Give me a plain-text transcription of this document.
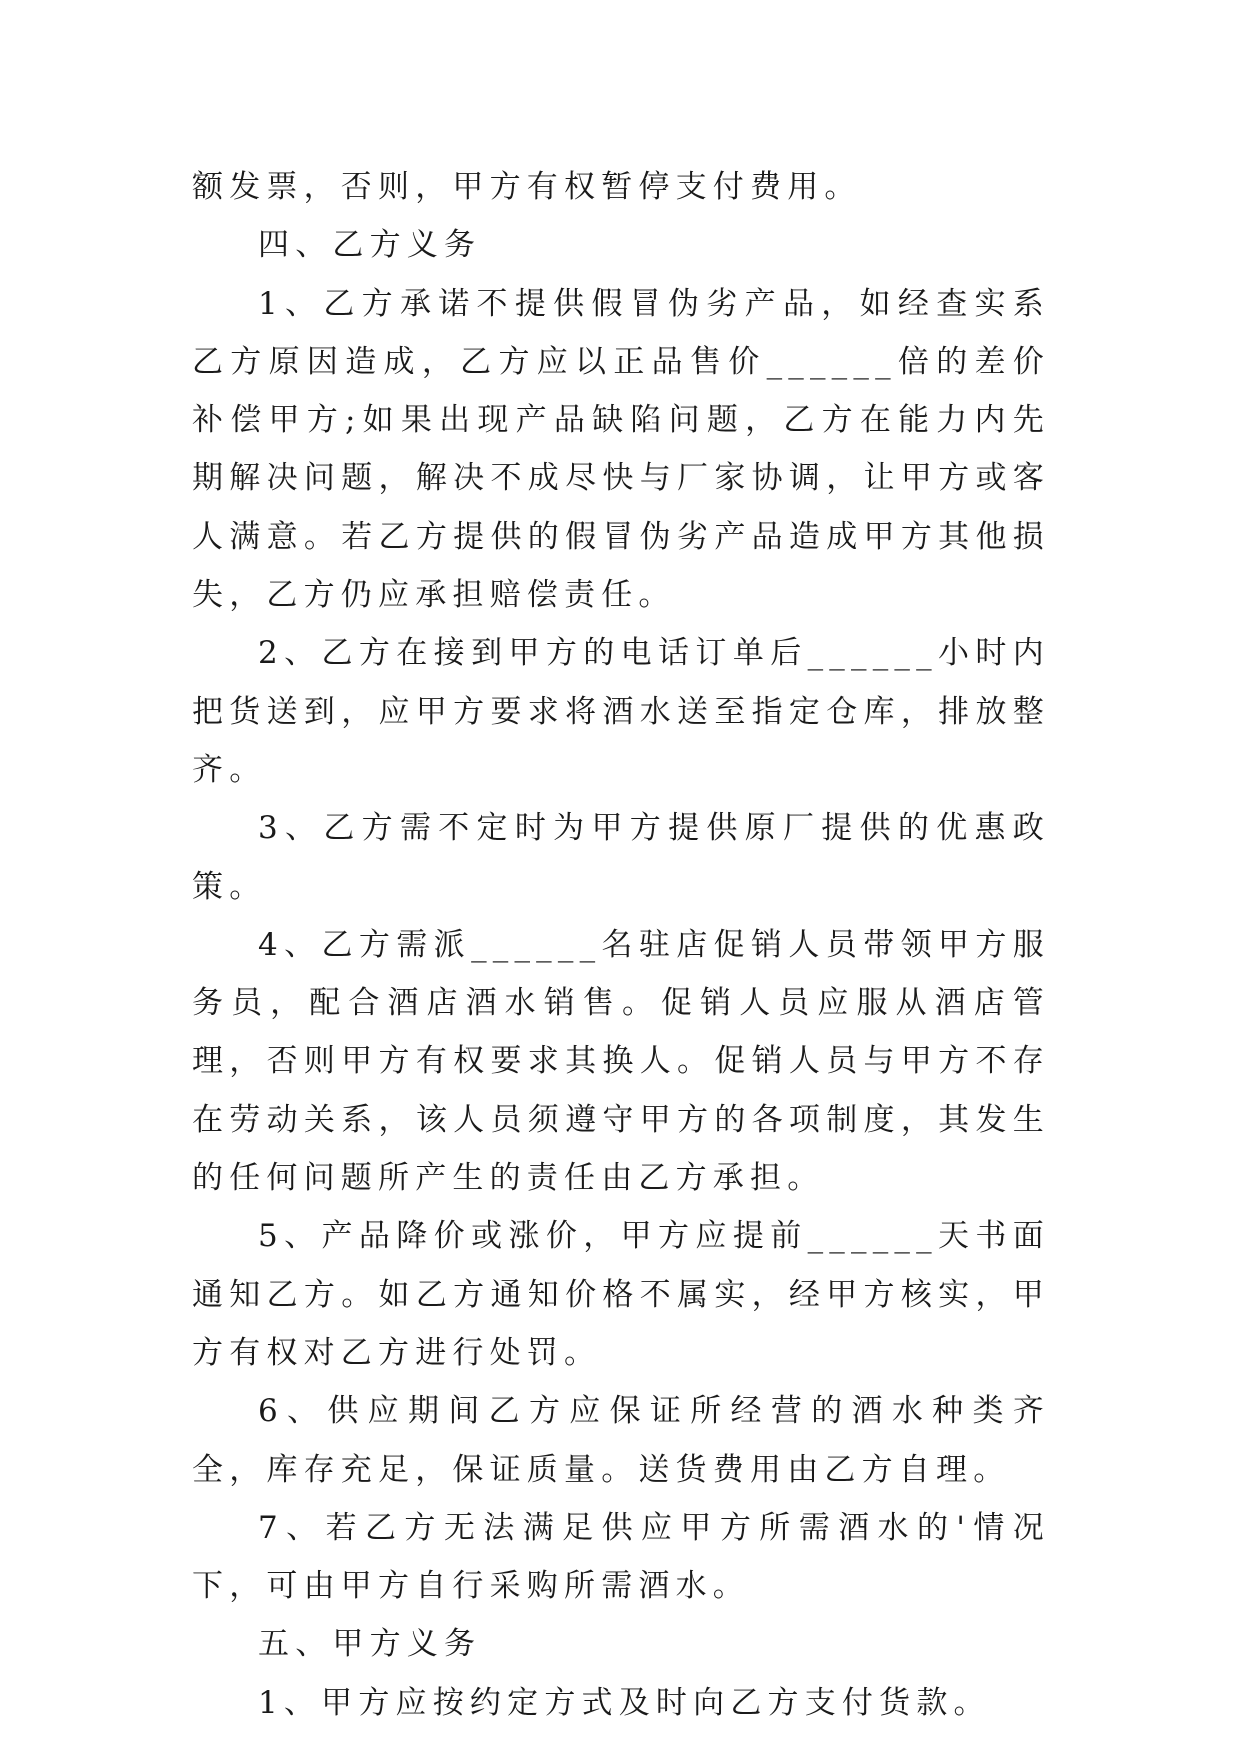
额发票，否则，甲方有权暂停支付费用。

四、乙方义务

1、乙方承诺不提供假冒伪劣产品，如经查实系乙方原因造成，乙方应以正品售价______倍的差价补偿甲方;如果出现产品缺陷问题，乙方在能力内先期解决问题，解决不成尽快与厂家协调，让甲方或客人满意。若乙方提供的假冒伪劣产品造成甲方其他损失，乙方仍应承担赔偿责任。

2、乙方在接到甲方的电话订单后______小时内把货送到，应甲方要求将酒水送至指定仓库，排放整齐。

3、乙方需不定时为甲方提供原厂提供的优惠政策。

4、乙方需派______名驻店促销人员带领甲方服务员，配合酒店酒水销售。促销人员应服从酒店管理，否则甲方有权要求其换人。促销人员与甲方不存在劳动关系，该人员须遵守甲方的各项制度，其发生的任何问题所产生的责任由乙方承担。

5、产品降价或涨价，甲方应提前______天书面通知乙方。如乙方通知价格不属实，经甲方核实，甲方有权对乙方进行处罚。

6、供应期间乙方应保证所经营的酒水种类齐全，库存充足，保证质量。送货费用由乙方自理。

7、若乙方无法满足供应甲方所需酒水的'情况下，可由甲方自行采购所需酒水。

五、甲方义务

1、甲方应按约定方式及时向乙方支付货款。
